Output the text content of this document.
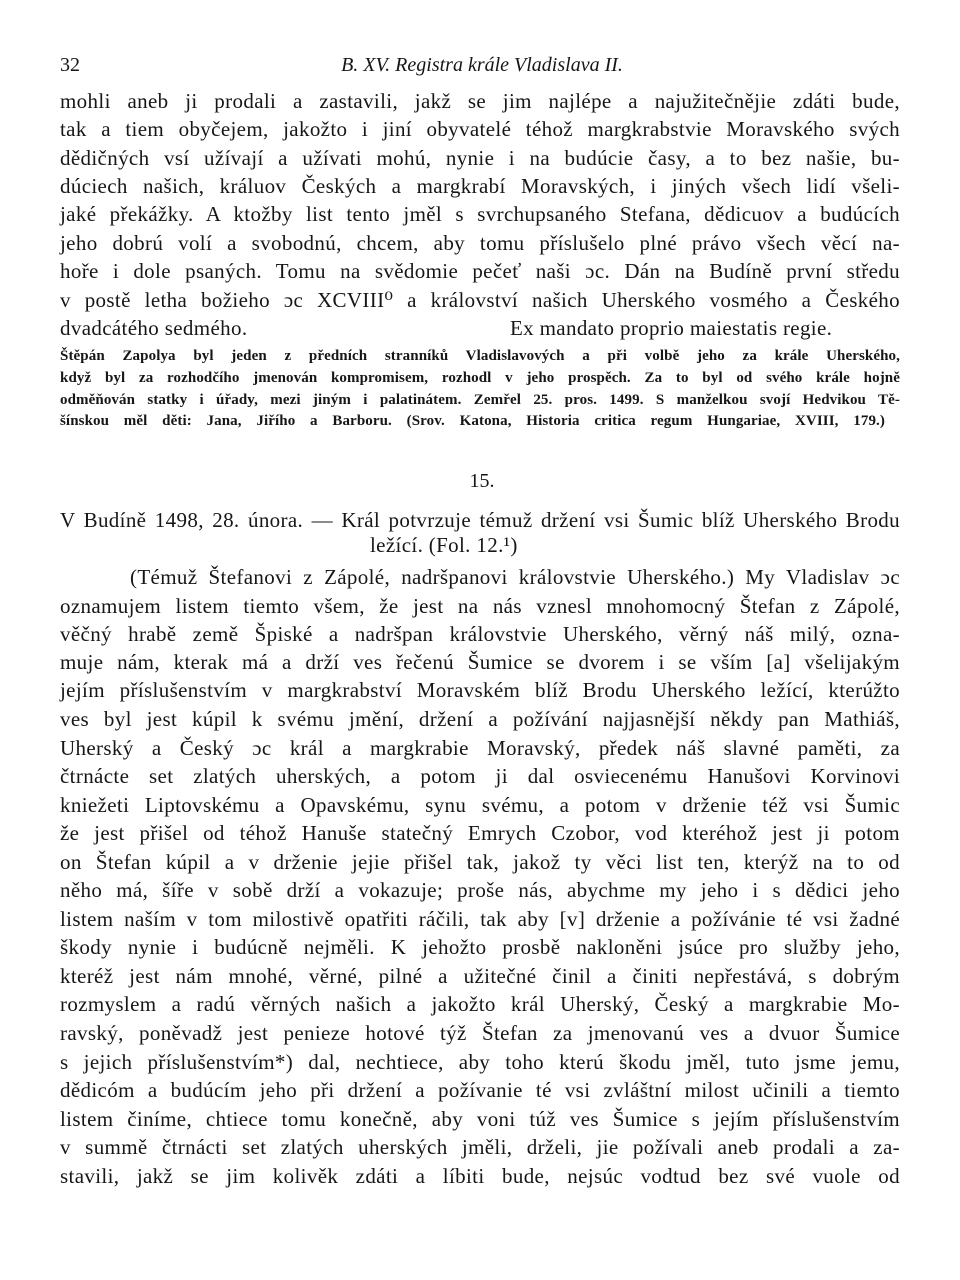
32	B. XV. Registra krále Vladislava II.
mohli aneb ji prodali a zastavili, jakž se jim najlépe a najužitečnějie zdáti bude,
tak a tiem obyčejem, jakožto i jiní obyvatelé téhož margkrabstvie Moravského svých
dědičných vsí užívají a užívati mohú, nynie i na budúcie časy, a to bez našie, bu-
dúciech našich, králuov Českých a margkrabí Moravských, i jiných všech lidí všeli-
jaké překážky. A ktožby list tento jměl s svrchupsaného Stefana, dědicuov a budúcích
jeho dobrú volí a svobodnú, chcem, aby tomu příslušelo plné právo všech věcí na-
hoře i dole psaných. Tomu na svědomie pečeť naši ɔc. Dán na Budíně první středu
v postě letha božieho ɔc XCVIII⁰ a království našich Uherského vosmého a Českého
dvadcátého sedmého.	Ex mandato proprio maiestatis regie.
Štěpán Zapolya byl jeden z předních stranníků Vladislavových a při volbě jeho za krále Uherského,
když byl za rozhodčího jmenován kompromisem, rozhodl v jeho prospěch. Za to byl od svého krále hojně
odměňován statky i úřady, mezi jiným i palatinátem. Zemřel 25. pros. 1499. S manželkou svojí Hedvikou Tě-
šínskou měl děti: Jana, Jiřího a Barboru. (Srov. Katona, Historia critica regum Hungariae, XVIII, 179.)
15.
V Budíně 1498, 28. února. — Král potvrzuje témuž držení vsi Šumic blíž Uherského Brodu
ležící. (Fol. 12.¹)
(Témuž Štefanovi z Zápolé, nadršpanovi královstvie Uherského.) My Vladislav ɔc
oznamujem listem tiemto všem, že jest na nás vznesl mnohomocný Štefan z Zápolé,
věčný hrabě země Špiské a nadršpan královstvie Uherského, věrný náš milý, ozna-
muje nám, kterak má a drží ves řečenú Šumice se dvorem i se vším [a] všelijakým
jejím příslušenstvím v margkrabství Moravském blíž Brodu Uherského ležící, kterúžto
ves byl jest kúpil k svému jmění, držení a požívání najjasnější někdy pan Mathiáš,
Uherský a Český ɔc král a margkrabie Moravský, předek náš slavné paměti, za
čtrnácte set zlatých uherských, a potom ji dal osviecenému Hanušovi Korvinovi
kniežeti Liptovskému a Opavskému, synu svému, a potom v drženie též vsi Šumic
že jest přišel od téhož Hanuše statečný Emrych Czobor, vod kteréhož jest ji potom
on Štefan kúpil a v drženie jejie přišel tak, jakož ty věci list ten, kterýž na to od
něho má, šíře v sobě drží a vokazuje; proše nás, abychme my jeho i s dědici jeho
listem naším v tom milostivě opatřiti ráčili, tak aby [v] drženie a požívánie té vsi žadné
škody nynie i budúcně nejměli. K jehožto prosbě nakloněni jsúce pro služby jeho,
kteréž jest nám mnohé, věrné, pilné a užitečné činil a činiti nepřestává, s dobrým
rozmyslem a radú věrných našich a jakožto král Uherský, Český a margkrabie Mo-
ravský, poněvadž jest penieze hotové týž Štefan za jmenovanú ves a dvuor Šumice
s jejich příslušenstvím*) dal, nechtiece, aby toho kterú škodu jměl, tuto jsme jemu,
dědicóm a budúcím jeho při držení a požívanie té vsi zvláštní milost učinili a tiemto
listem činíme, chtiece tomu konečně, aby voni túž ves Šumice s jejím příslušenstvím
v summě čtrnácti set zlatých uherských jměli, drželi, jie požívali aneb prodali a za-
stavili, jakž se jim kolivěk zdáti a líbiti bude, nejsúc vodtud bez své vuole od
